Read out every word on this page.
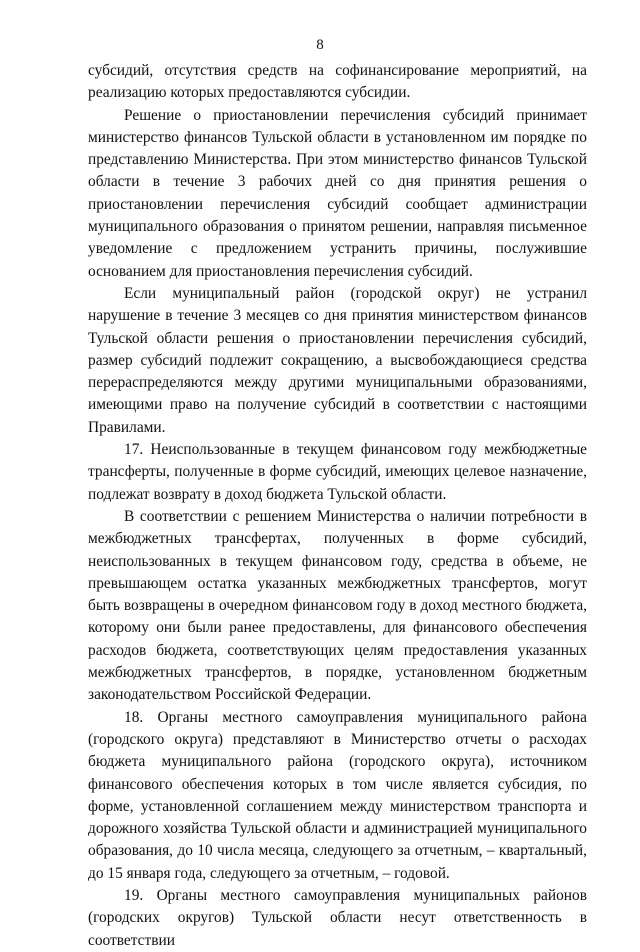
8

субсидий, отсутствия средств на софинансирование мероприятий, на реализацию которых предоставляются субсидии.

Решение о приостановлении перечисления субсидий принимает министерство финансов Тульской области в установленном им порядке по представлению Министерства. При этом министерство финансов Тульской области в течение 3 рабочих дней со дня принятия решения о приостановлении перечисления субсидий сообщает администрации муниципального образования о принятом решении, направляя письменное уведомление с предложением устранить причины, послужившие основанием для приостановления перечисления субсидий.

Если муниципальный район (городской округ) не устранил нарушение в течение 3 месяцев со дня принятия министерством финансов Тульской области решения о приостановлении перечисления субсидий, размер субсидий подлежит сокращению, а высвобождающиеся средства перераспределяются между другими муниципальными образованиями, имеющими право на получение субсидий в соответствии с настоящими Правилами.

17. Неиспользованные в текущем финансовом году межбюджетные трансферты, полученные в форме субсидий, имеющих целевое назначение, подлежат возврату в доход бюджета Тульской области.

В соответствии с решением Министерства о наличии потребности в межбюджетных трансфертах, полученных в форме субсидий, неиспользованных в текущем финансовом году, средства в объеме, не превышающем остатка указанных межбюджетных трансфертов, могут быть возвращены в очередном финансовом году в доход местного бюджета, которому они были ранее предоставлены, для финансового обеспечения расходов бюджета, соответствующих целям предоставления указанных межбюджетных трансфертов, в порядке, установленном бюджетным законодательством Российской Федерации.

18. Органы местного самоуправления муниципального района (городского округа) представляют в Министерство отчеты о расходах бюджета муниципального района (городского округа), источником финансового обеспечения которых в том числе является субсидия, по форме, установленной соглашением между министерством транспорта и дорожного хозяйства Тульской области и администрацией муниципального образования, до 10 числа месяца, следующего за отчетным, – квартальный, до 15 января года, следующего за отчетным, – годовой.

19. Органы местного самоуправления муниципальных районов (городских округов) Тульской области несут ответственность в соответствии
